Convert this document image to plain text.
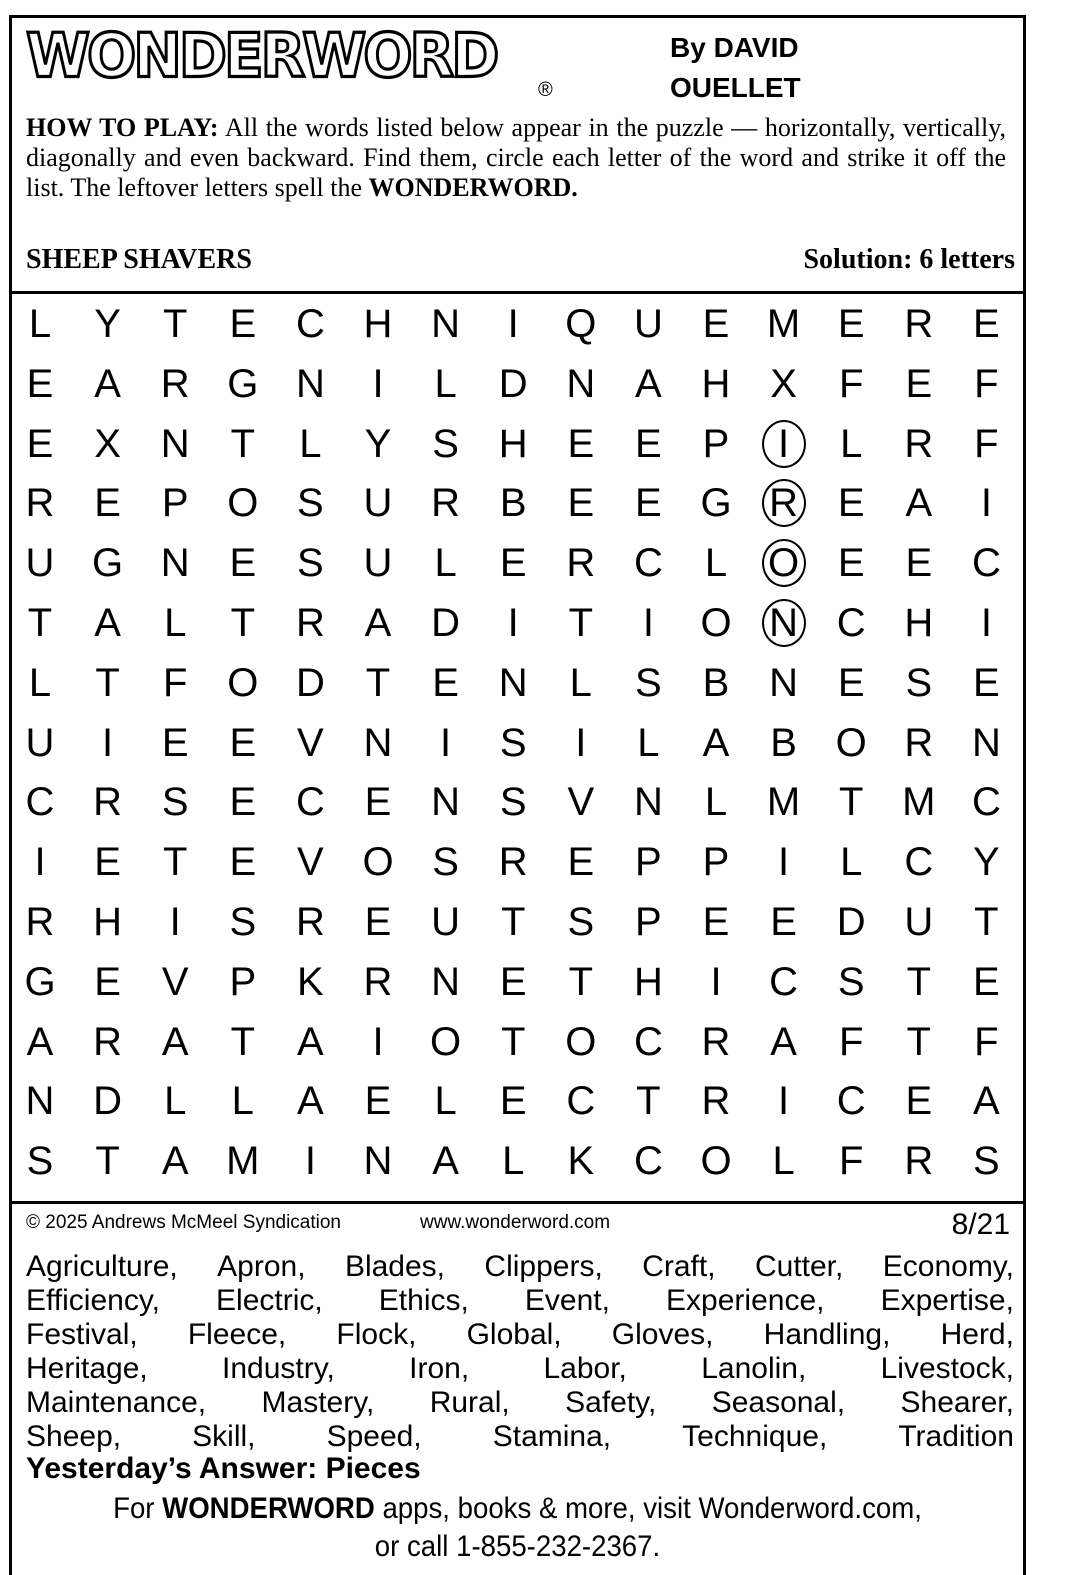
WONDERWORD	®
By DAVID
OUELLET
HOW TO PLAY: All the words listed below appear in the puzzle — horizontally, vertically, diagonally and even backward. Find them, circle each letter of the word and strike it off the list. The leftover letters spell the WONDERWORD.
SHEEP SHAVERS	Solution: 6 letters
L	Y	T	E C H N	I	Q U E M E R E
E	A R G N	I	L	D N A H X	F	E	F
E	X N	T	L	Y	S H E	E	P	I	L	R	F
R E	P O S U R B	E	E G R E	A	I
U G N E	S U	L	E R C	L	O E	E C
T	A	L	T	R A D	I	T	I	O N C H	I
L	T	F O D	T	E N	L	S	B N E	S	E
U	I	E	E	V N	I	S	I	L	A	B O R N
C R S	E C E N S	V N	L M T M C
I	E	T	E	V O S R E	P	P	I	L	C Y
R H	I	S R E U	T	S	P	E	E D U	T
G E	V	P	K R N E	T	H	I	C S	T	E
A R A	T	A	I	O T O C R A	F	T	F
N D	L	L	A	E	L	E C	T	R	I	C E	A
S	T	A M	I	N A	L	K C O	L	F	R S
© 2025 Andrews McMeel Syndication	www.wonderword.com	8/21
Agriculture, Apron, Blades, Clippers, Craft, Cutter, Economy,
Efficiency, Electric, Ethics, Event, Experience, Expertise,
Festival, Fleece, Flock, Global, Gloves, Handling, Herd,
Heritage, Industry, Iron, Labor, Lanolin, Livestock,
Maintenance, Mastery, Rural, Safety, Seasonal, Shearer,
Sheep, Skill, Speed, Stamina, Technique, Tradition
Yesterday’s Answer: Pieces
For WONDERWORD apps, books & more, visit Wonderword.com,
or call 1-855-232-2367.
